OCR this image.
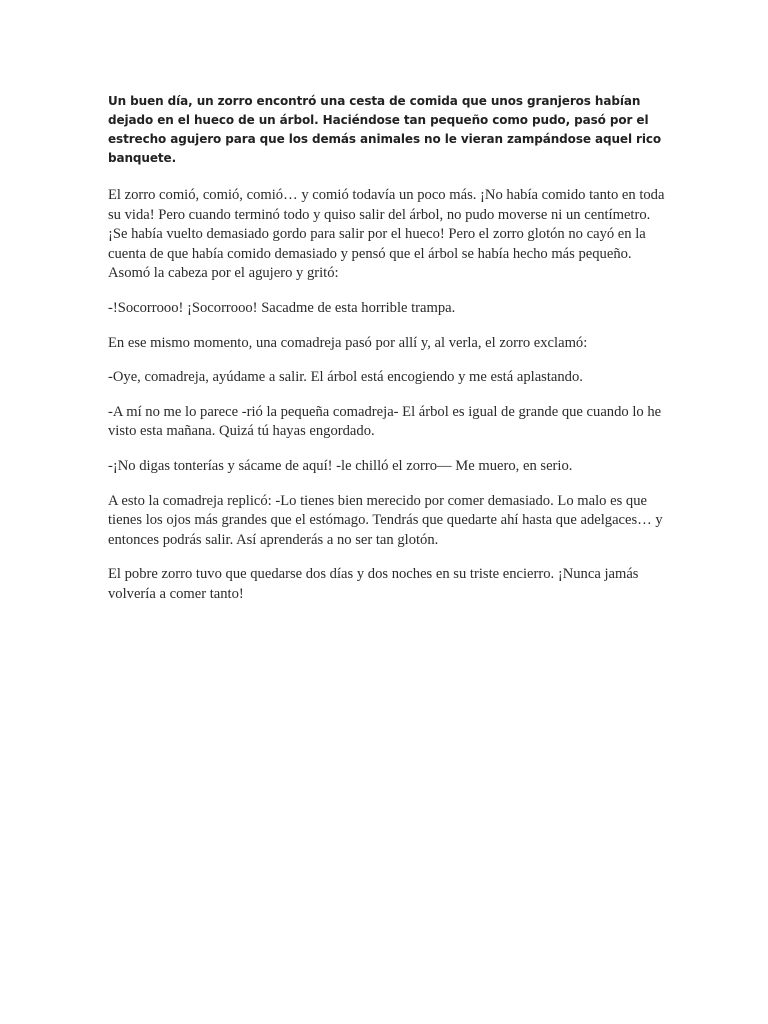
Un buen día, un zorro encontró una cesta de comida que unos granjeros habían dejado en el hueco de un árbol. Haciéndose tan pequeño como pudo, pasó por el estrecho agujero para que los demás animales no le vieran zampándose aquel rico banquete.

El zorro comió, comió, comió… y comió todavía un poco más. ¡No había comido tanto en toda su vida! Pero cuando terminó todo y quiso salir del árbol, no pudo moverse ni un centímetro. ¡Se había vuelto demasiado gordo para salir por el hueco! Pero el zorro glotón no cayó en la cuenta de que había comido demasiado y pensó que el árbol se había hecho más pequeño. Asomó la cabeza por el agujero y gritó:

-!Socorrooo! ¡Socorrooo! Sacadme de esta horrible trampa.

En ese mismo momento, una comadreja pasó por allí y, al verla, el zorro exclamó:

-Oye, comadreja, ayúdame a salir. El árbol está encogiendo y me está aplastando.

-A mí no me lo parece -rió la pequeña comadreja- El árbol es igual de grande que cuando lo he visto esta mañana. Quizá tú hayas engordado.

-¡No digas tonterías y sácame de aquí! -le chilló el zorro— Me muero, en serio.

A esto la comadreja replicó: -Lo tienes bien merecido por comer demasiado. Lo malo es que tienes los ojos más grandes que el estómago. Tendrás que quedarte ahí hasta que adelgaces… y entonces podrás salir. Así aprenderás a no ser tan glotón.

El pobre zorro tuvo que quedarse dos días y dos noches en su triste encierro. ¡Nunca jamás volvería a comer tanto!
